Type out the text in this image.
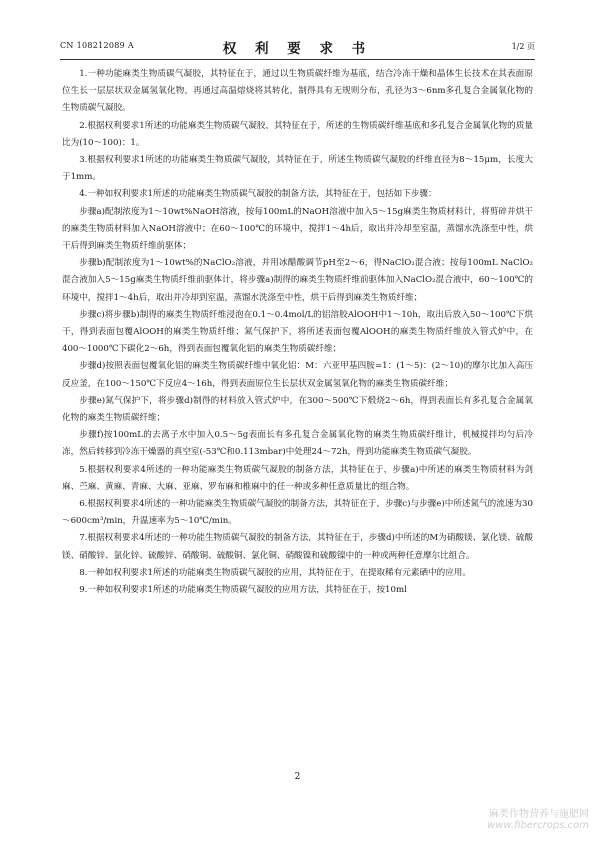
CN 108212089 A	权 利 要 求 书	1/2 页

1.一种功能麻类生物质碳气凝胶，其特征在于，通过以生物质碳纤维为基底，结合冷冻干燥和晶体生长技术在其表面原位生长一层层状双金属氢氧化物，再通过高温熔烧将其转化，制得具有无规则分布，孔径为3～6nm多孔复合金属氧化物的生物质碳气凝胶。

2.根据权利要求1所述的功能麻类生物质碳气凝胶，其特征在于，所述的生物质碳纤维基底和多孔复合金属氧化物的质量比为(10～100)：1。

3.根据权利要求1所述的功能麻类生物质碳气凝胶，其特征在于，所述生物质碳气凝胶的纤维直径为8～15μm，长度大于1mm。

4.一种如权利要求1所述的功能麻类生物质碳气凝胶的制备方法，其特征在于，包括如下步骤：

步骤a)配制浓度为1～10wt%NaOH溶液，按每100mL的NaOH溶液中加入5～15g麻类生物质材料计，将剪碎并烘干的麻类生物质材料加入NaOH溶液中；在60～100℃的环境中，搅拌1～4h后，取出并冷却至室温，蒸馏水洗涤至中性，烘干后得到麻类生物质纤维前驱体；

步骤b)配制浓度为1～10wt%的NaClO₂溶液，并用冰醋酸调节pH至2～6，得NaClO₂混合液；按每100mL NaClO₂混合液加入5～15g麻类生物质纤维前驱体计，将步骤a)制得的麻类生物质纤维前驱体加入NaClO₂混合液中，60～100℃的环境中，搅拌1～4h后，取出并冷却到室温，蒸馏水洗涤至中性，烘干后得到麻类生物质纤维；

步骤c)将步骤b)制得的麻类生物质纤维浸泡在0.1～0.4mol/L的铝溶胶AlOOH中1～10h，取出后放入50～100℃下烘干，得到表面包覆AlOOH的麻类生物质纤维；氮气保护下，将所述表面包覆AlOOH的麻类生物质纤维放入管式炉中，在400～1000℃下碳化2～6h，得到表面包覆氧化铝的麻类生物质碳纤维；

步骤d)按照表面包覆氧化铝的麻类生物质碳纤维中氧化铝：M：六亚甲基四胺=1：(1～5)：(2～10)的摩尔比加入高压反应釜，在100～150℃下反应4～16h，得到表面原位生长层状双金属氢氧化物的麻类生物质碳纤维；

步骤e)氮气保护下，将步骤d)制得的材料放入管式炉中，在300～500℃下煅烧2～6h，得到表面长有多孔复合金属氧化物的麻类生物质碳纤维；

步骤f)按100mL的去离子水中加入0.5～5g表面长有多孔复合金属氧化物的麻类生物质碳纤维计，机械搅拌均匀后冷冻，然后转移到冷冻干燥器的真空室(-53℃和0.113mbar)中处理24～72h，得到功能麻类生物质碳气凝胶。

5.根据权利要求4所述的一种功能麻类生物质碳气凝胶的制备方法，其特征在于，步骤a)中所述的麻类生物质材料为剑麻、苎麻、黄麻、青麻、大麻、亚麻、罗布麻和椎麻中的任一种或多种任意质量比的组合物。

6.根据权利要求4所述的一种功能麻类生物质碳气凝胶的制备方法，其特征在于，步骤c)与步骤e)中所述氮气的流速为30～600cm³/min，升温速率为5～10℃/min。

7.根据权利要求4所述的一种功能生物质碳气凝胶的制备方法，其特征在于，步骤d)中所述的M为硝酸镁、氯化镁、硫酸镁、硝酸锌、氯化锌、硫酸锌、硝酸铜、硫酸铜、氯化铜、硝酸镍和硫酸镍中的一种或两种任意摩尔比组合。

8.一种如权利要求1所述的功能麻类生物质碳气凝胶的应用，其特征在于，在提取稀有元素硒中的应用。

9.一种如权利要求1所述的功能麻类生物质碳气凝胶的应用方法，其特征在于，按10ml

2
麻类作物营养与施肥网
www.fibercrops.com
